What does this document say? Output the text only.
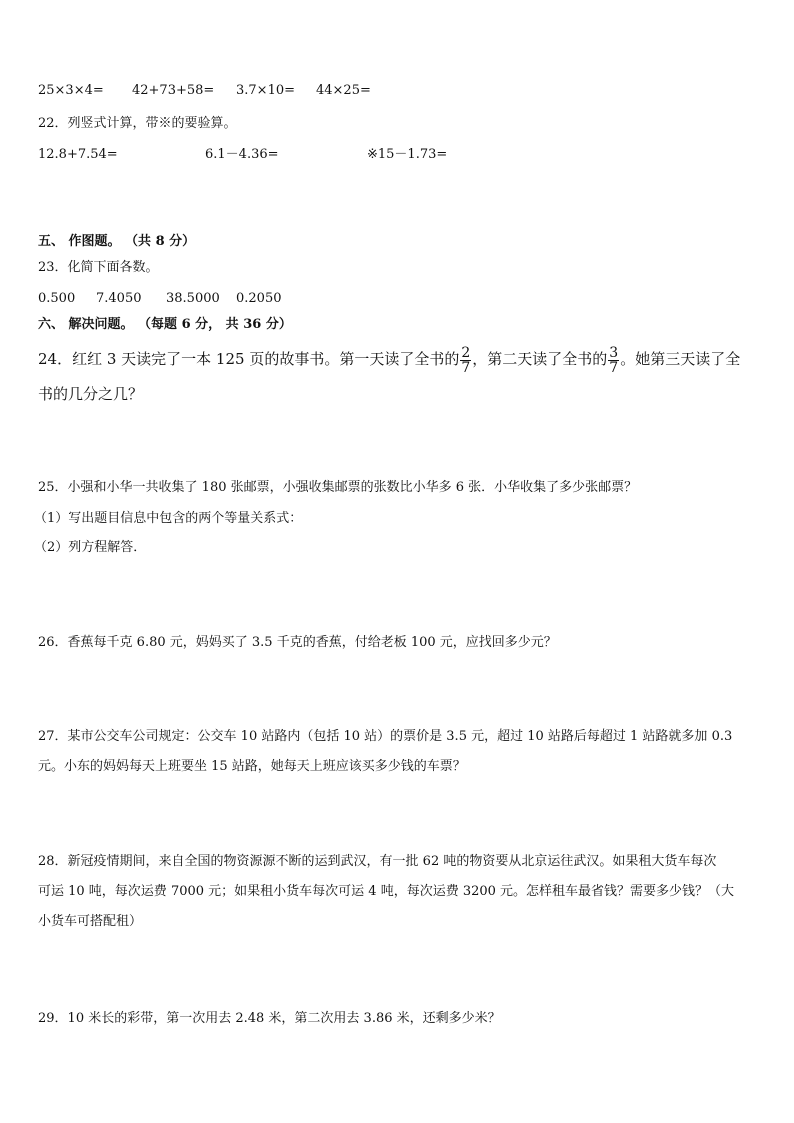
25×3×4= 42+73+58= 3.7×10= 44×25=
22．列竖式计算，带※的要验算。
12.8+7.54=	6.1－4.36=	※15－1.73=
五、 作图题。 （共 8 分）
23．化简下面各数。
0.500 7.4050 38.5000 0.2050
六、 解决问题。 （每题 6 分， 共 36 分）
24．红红 3 天读完了一本 125 页的故事书。第一天读了全书的 $\frac{2}{7}$ ，第二天读了全书的 $\frac{3}{7}$ 。她第三天读了全
书的几分之几？
25．小强和小华一共收集了 180 张邮票，小强收集邮票的张数比小华多 6 张．小华收集了多少张邮票？
（1）写出题目信息中包含的两个等量关系式：
（2）列方程解答．
26．香蕉每千克 6.80 元，妈妈买了 3.5 千克的香蕉，付给老板 100 元，应找回多少元？
27．某市公交车公司规定：公交车 10 站路内（包括 10 站）的票价是 3.5 元，超过 10 站路后每超过 1 站路就多加 0.3
元。小东的妈妈每天上班要坐 15 站路，她每天上班应该买多少钱的车票？
28．新冠疫情期间，来自全国的物资源源不断的运到武汉，有一批 62 吨的物资要从北京运往武汉。如果租大货车每次
可运 10 吨，每次运费 7000 元；如果租小货车每次可运 4 吨，每次运费 3200 元。怎样租车最省钱？需要多少钱？（大
小货车可搭配租）
29．10 米长的彩带，第一次用去 2.48 米，第二次用去 3.86 米，还剩多少米？
